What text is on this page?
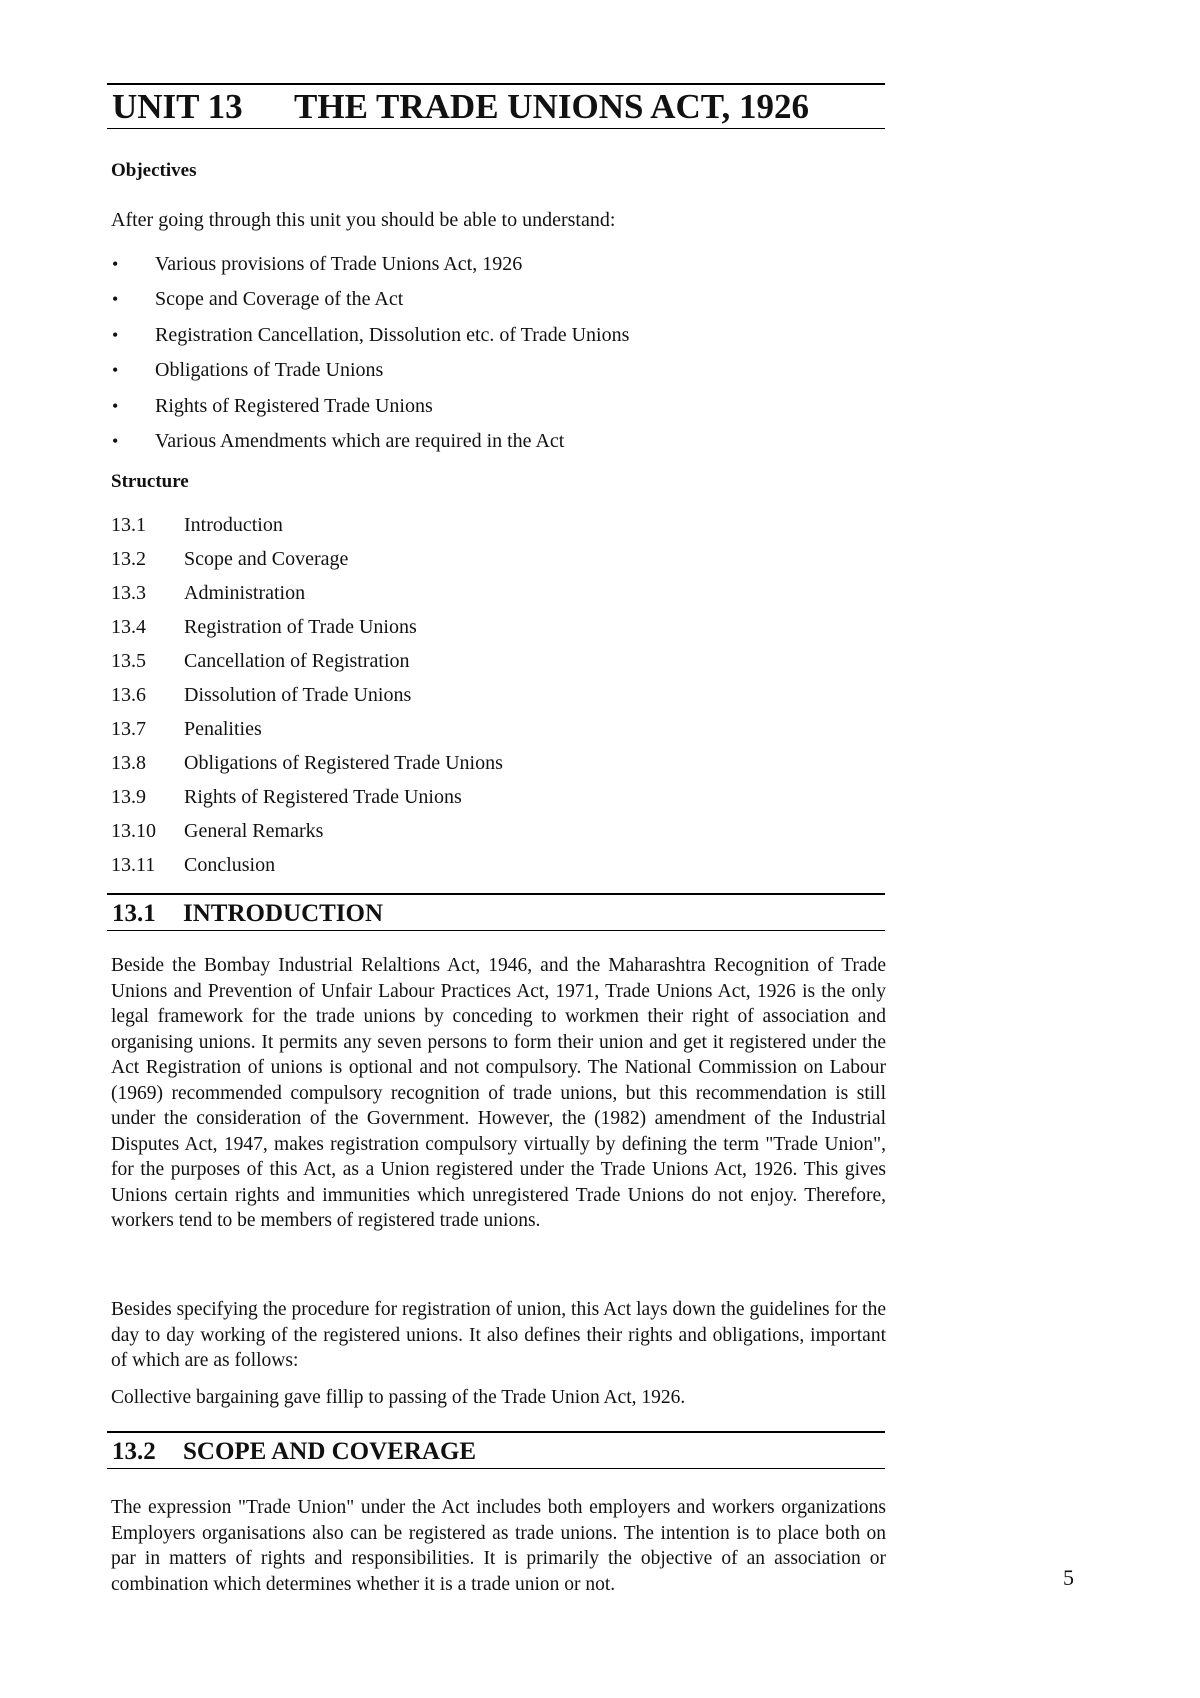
UNIT 13 THE TRADE UNIONS ACT, 1926
Objectives
After going through this unit you should be able to understand:
• Various provisions of Trade Unions Act, 1926
• Scope and Coverage of the Act
• Registration Cancellation, Dissolution etc. of Trade Unions
• Obligations of Trade Unions
• Rights of Registered Trade Unions
• Various Amendments which are required in the Act
Structure
13.1 Introduction
13.2 Scope and Coverage
13.3 Administration
13.4 Registration of Trade Unions
13.5 Cancellation of Registration
13.6 Dissolution of Trade Unions
13.7 Penalities
13.8 Obligations of Registered Trade Unions
13.9 Rights of Registered Trade Unions
13.10 General Remarks
13.11 Conclusion
13.1 INTRODUCTION

Beside the Bombay Industrial Relaltions Act, 1946, and the Maharashtra Recognition of Trade Unions and Prevention of Unfair Labour Practices Act, 1971, Trade Unions Act, 1926 is the only legal framework for the trade unions by conceding to workmen their right of association and organising unions. It permits any seven persons to form their union and get it registered under the Act Registration of unions is optional and not compulsory. The National Commission on Labour (1969) recommended compulsory recognition of trade unions, but this recommendation is still under the consideration of the Government. However, the (1982) amendment of the Industrial Disputes Act, 1947, makes registration compulsory virtually by defining the term "Trade Union", for the purposes of this Act, as a Union registered under the Trade Unions Act, 1926. This gives Unions certain rights and immunities which unregistered Trade Unions do not enjoy. Therefore, workers tend to be members of registered trade unions.

Besides specifying the procedure for registration of union, this Act lays down the guidelines for the day to day working of the registered unions. It also defines their rights and obligations, important of which are as follows:

Collective bargaining gave fillip to passing of the Trade Union Act, 1926.

13.2 SCOPE AND COVERAGE

The expression "Trade Union" under the Act includes both employers and workers organizations Employers organisations also can be registered as trade unions. The intention is to place both on par in matters of rights and responsibilities. It is primarily the objective of an association or combination which determines whether it is a trade union or not.	5
